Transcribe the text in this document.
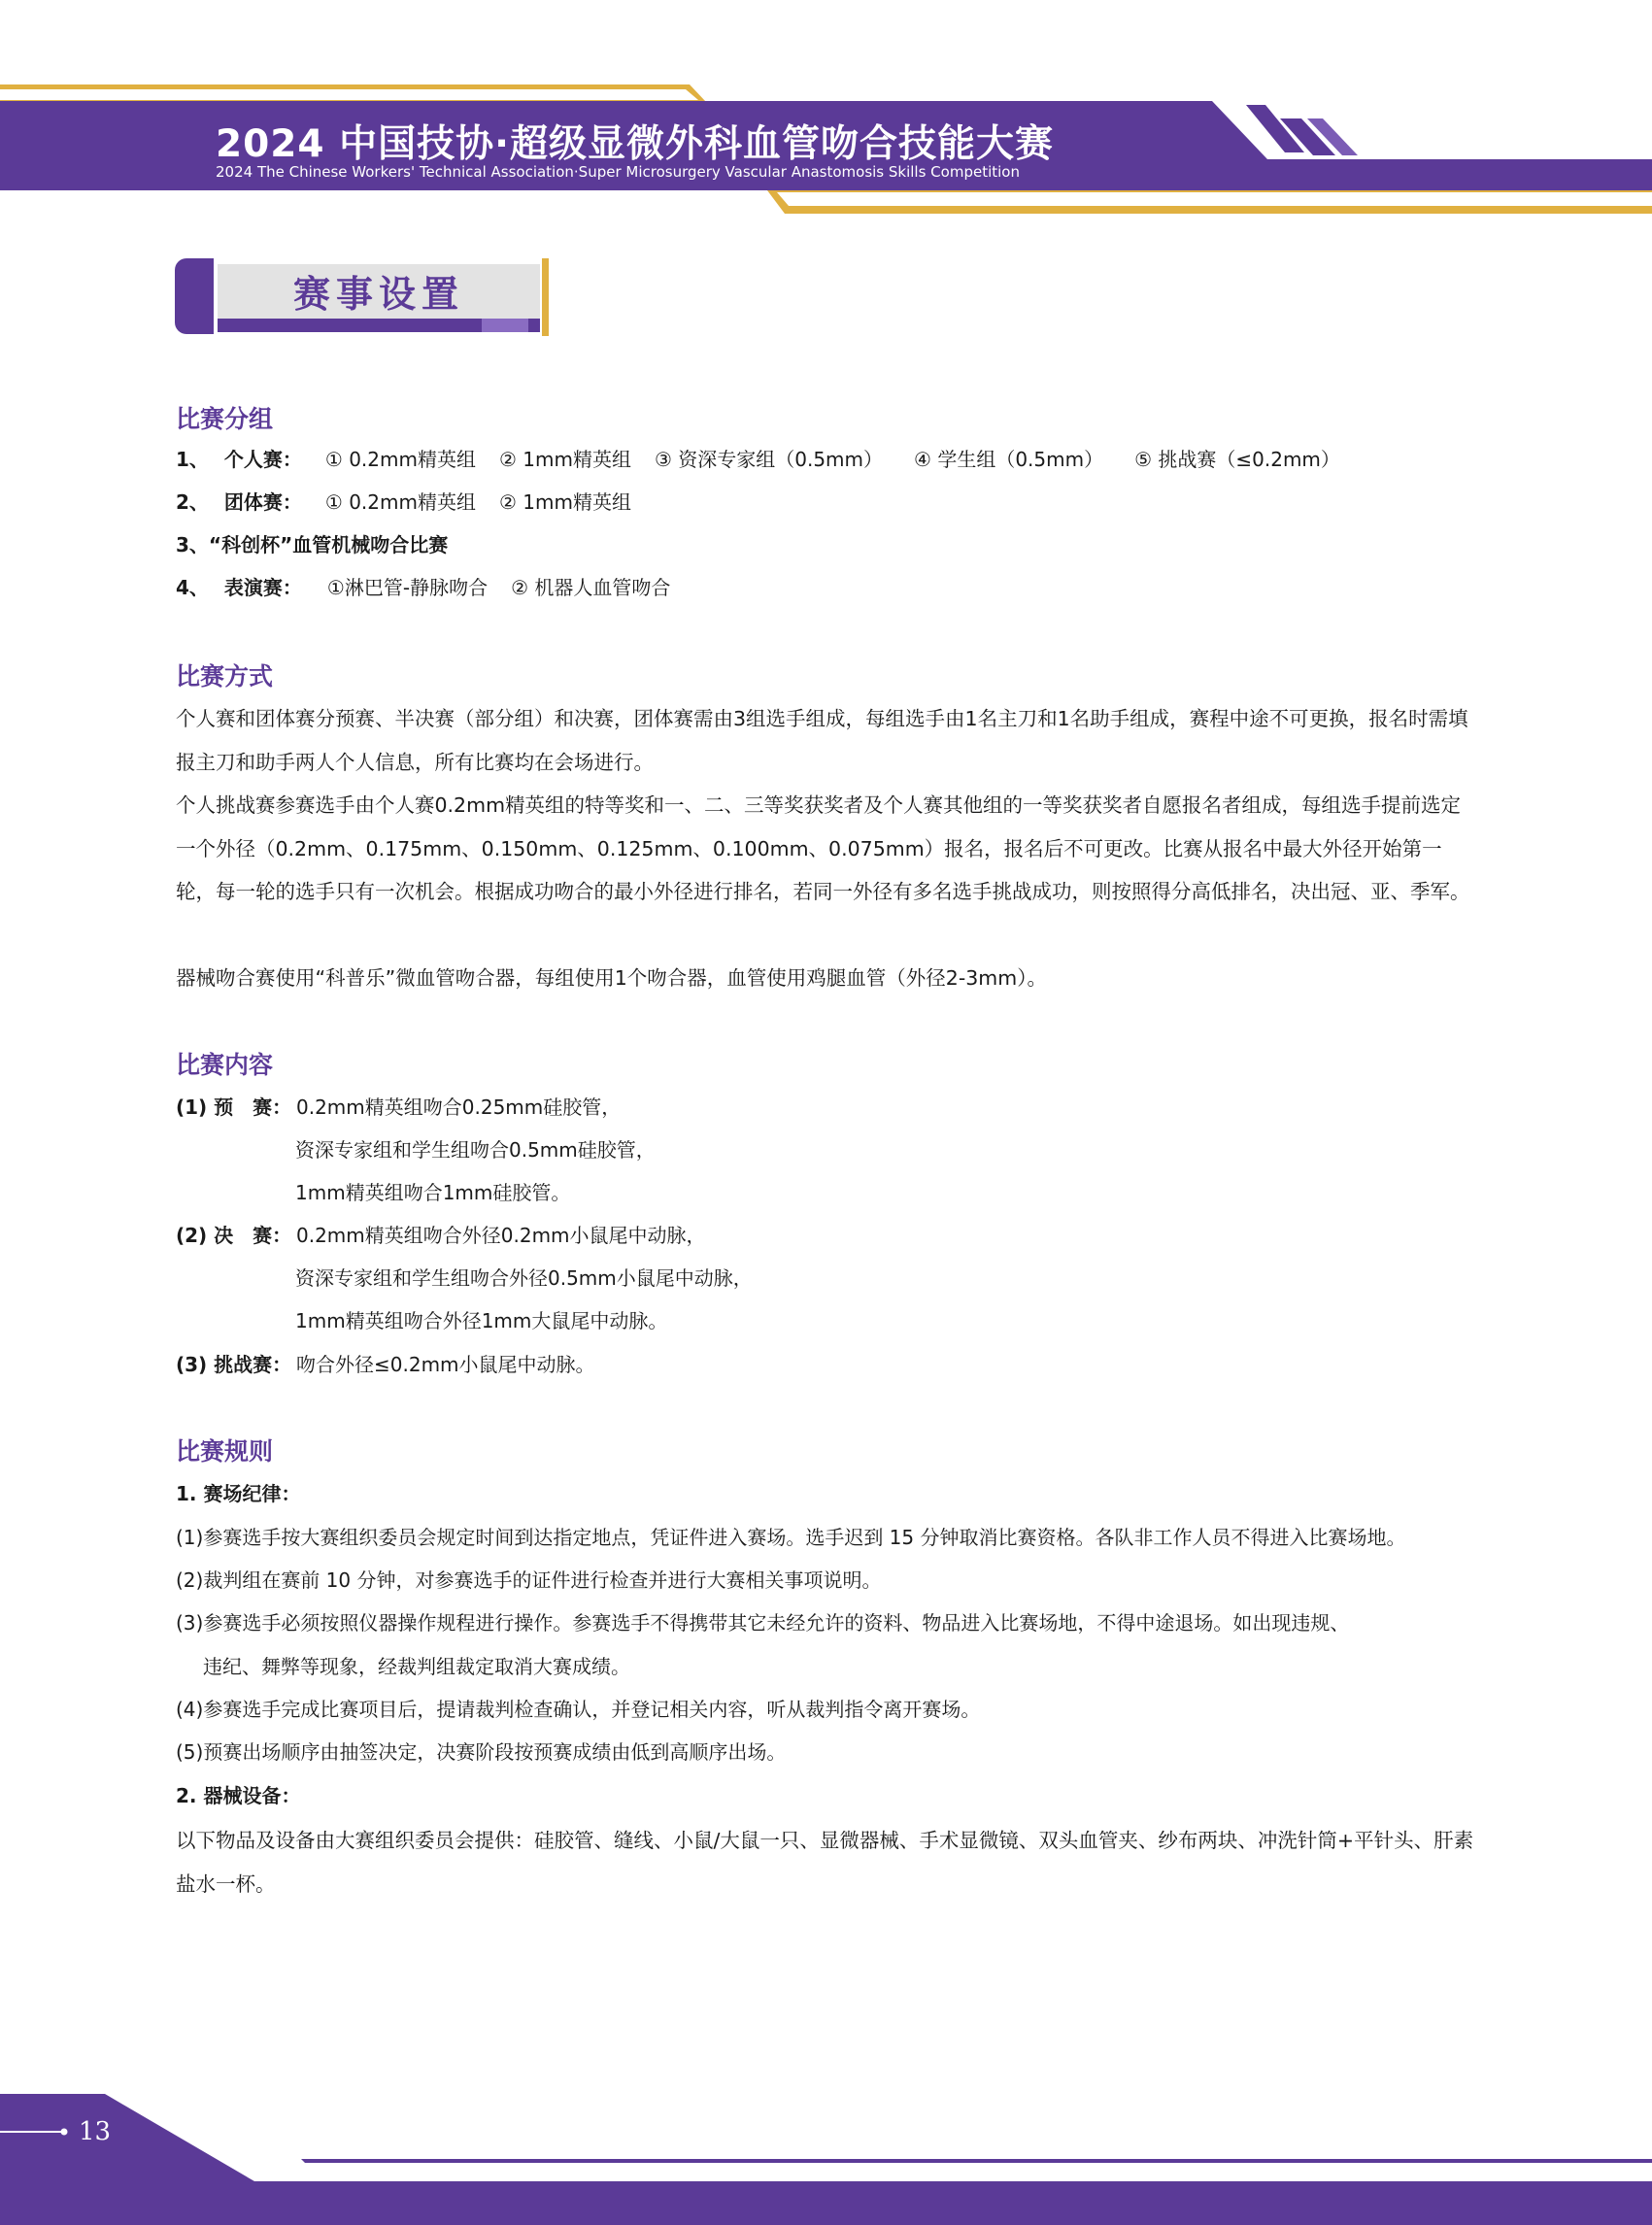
2024 中国技协·超级显微外科血管吻合技能大赛
2024 The Chinese Workers' Technical Association·Super Microsurgery Vascular Anastomosis Skills Competition
赛事设置
比赛分组
1、 个人赛： ① 0.2mm精英组 ② 1mm精英组 ③ 资深专家组（0.5mm） ④ 学生组（0.5mm） ⑤ 挑战赛（≤0.2mm）
2、 团体赛： ① 0.2mm精英组 ② 1mm精英组
3、“科创杯”血管机械吻合比赛
4、 表演赛： ①淋巴管-静脉吻合 ② 机器人血管吻合
比赛方式
个人赛和团体赛分预赛、半决赛（部分组）和决赛，团体赛需由3组选手组成，每组选手由1名主刀和1名助手组成，赛程中途不可更换，报名时需填报主刀和助手两人个人信息，所有比赛均在会场进行。
个人挑战赛参赛选手由个人赛0.2mm精英组的特等奖和一、二、三等奖获奖者及个人赛其他组的一等奖获奖者自愿报名者组成，每组选手提前选定一个外径（0.2mm、0.175mm、0.150mm、0.125mm、0.100mm、0.075mm）报名，报名后不可更改。比赛从报名中最大外径开始第一轮，每一轮的选手只有一次机会。根据成功吻合的最小外径进行排名，若同一外径有多名选手挑战成功，则按照得分高低排名，决出冠、亚、季军。
器械吻合赛使用“科普乐”微血管吻合器，每组使用1个吻合器，血管使用鸡腿血管（外径2-3mm）。
比赛内容
(1) 预　赛： 0.2mm精英组吻合0.25mm硅胶管，
资深专家组和学生组吻合0.5mm硅胶管，
1mm精英组吻合1mm硅胶管。
(2) 决　赛： 0.2mm精英组吻合外径0.2mm小鼠尾中动脉，
资深专家组和学生组吻合外径0.5mm小鼠尾中动脉，
1mm精英组吻合外径1mm大鼠尾中动脉。
(3) 挑战赛： 吻合外径≤0.2mm小鼠尾中动脉。
比赛规则
1. 赛场纪律：
(1)参赛选手按大赛组织委员会规定时间到达指定地点，凭证件进入赛场。选手迟到 15 分钟取消比赛资格。各队非工作人员不得进入比赛场地。
(2)裁判组在赛前 10 分钟，对参赛选手的证件进行检查并进行大赛相关事项说明。
(3)参赛选手必须按照仪器操作规程进行操作。参赛选手不得携带其它未经允许的资料、物品进入比赛场地，不得中途退场。如出现违规、
违纪、舞弊等现象，经裁判组裁定取消大赛成绩。
(4)参赛选手完成比赛项目后，提请裁判检查确认，并登记相关内容，听从裁判指令离开赛场。
(5)预赛出场顺序由抽签决定，决赛阶段按预赛成绩由低到高顺序出场。
2. 器械设备：
以下物品及设备由大赛组织委员会提供：硅胶管、缝线、小鼠/大鼠一只、显微器械、手术显微镜、双头血管夹、纱布两块、冲洗针筒+平针头、肝素盐水一杯。
13
